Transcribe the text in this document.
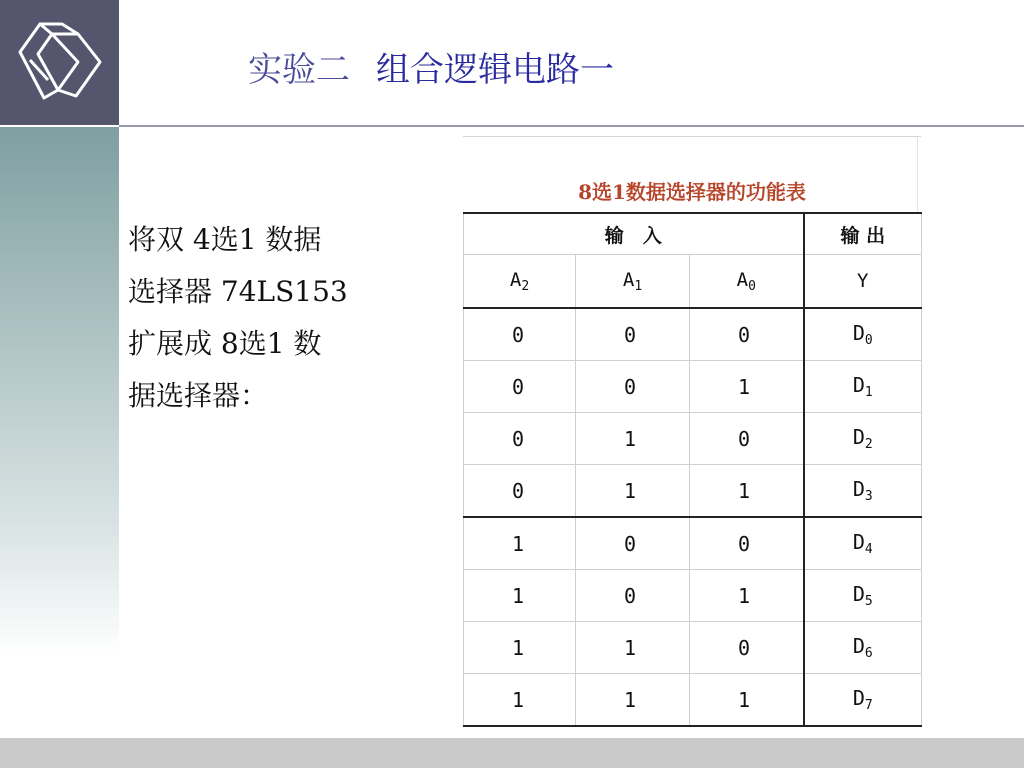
实验二 组合逻辑电路一
将双 4选1 数据
选择器 74LS153
扩展成 8选1 数
据选择器：
8选1数据选择器的功能表
输　入			输 出
$A_2$	$A_1$	$A_0$	Y
0	0	0	$D_0$
0	0	1	$D_1$
0	1	0	$D_2$
0	1	1	$D_3$
1	0	0	$D_4$
1	0	1	$D_5$
1	1	0	$D_6$
1	1	1	$D_7$
